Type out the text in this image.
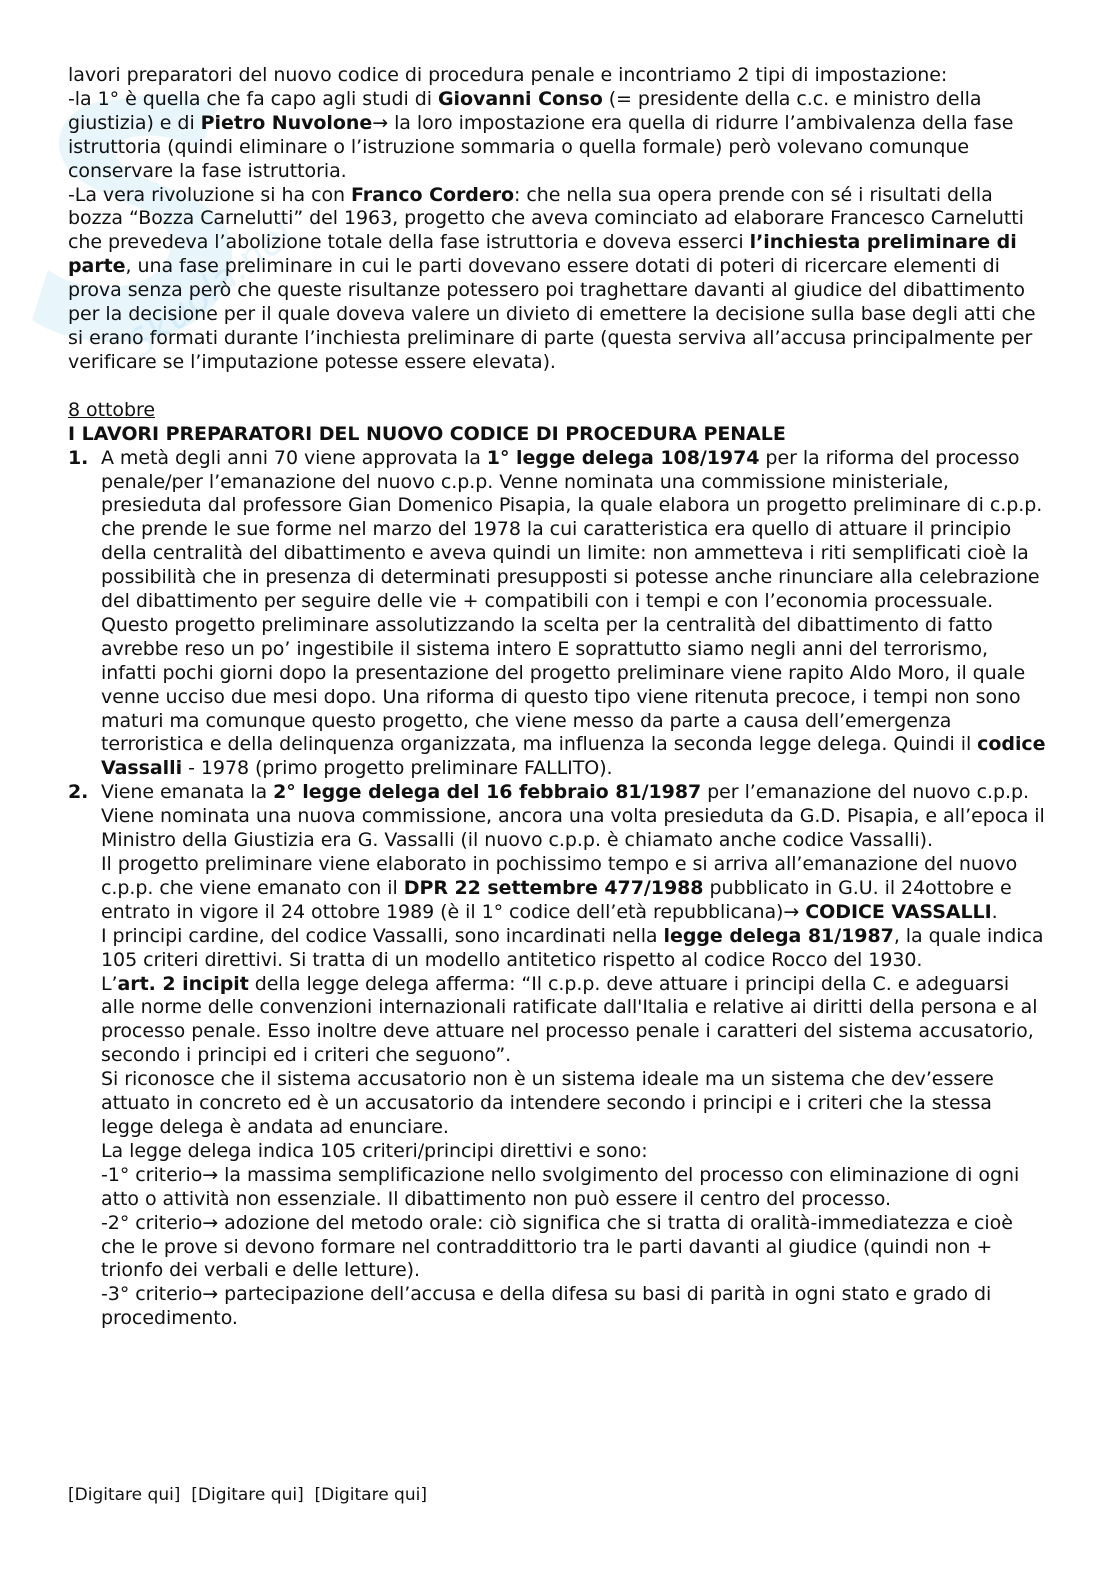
Skuola.net

lavori preparatori del nuovo codice di procedura penale e incontriamo 2 tipi di impostazione:

-la 1° è quella che fa capo agli studi di Giovanni Conso (= presidente della c.c. e ministro della giustizia) e di Pietro Nuvolone→ la loro impostazione era quella di ridurre l’ambivalenza della fase istruttoria (quindi eliminare o l’istruzione sommaria o quella formale) però volevano comunque conservare la fase istruttoria.

-La vera rivoluzione si ha con Franco Cordero: che nella sua opera prende con sé i risultati della bozza “Bozza Carnelutti” del 1963, progetto che aveva cominciato ad elaborare Francesco Carnelutti che prevedeva l’abolizione totale della fase istruttoria e doveva esserci l’inchiesta preliminare di parte, una fase preliminare in cui le parti dovevano essere dotati di poteri di ricercare elementi di prova senza però che queste risultanze potessero poi traghettare davanti al giudice del dibattimento per la decisione per il quale doveva valere un divieto di emettere la decisione sulla base degli atti che si erano formati durante l’inchiesta preliminare di parte (questa serviva all’accusa principalmente per verificare se l’imputazione potesse essere elevata).

8 ottobre

I LAVORI PREPARATORI DEL NUOVO CODICE DI PROCEDURA PENALE

1. A metà degli anni 70 viene approvata la 1° legge delega 108/1974 per la riforma del processo penale/per l’emanazione del nuovo c.p.p. Venne nominata una commissione ministeriale, presieduta dal professore Gian Domenico Pisapia, la quale elabora un progetto preliminare di c.p.p. che prende le sue forme nel marzo del 1978 la cui caratteristica era quello di attuare il principio della centralità del dibattimento e aveva quindi un limite: non ammetteva i riti semplificati cioè la possibilità che in presenza di determinati presupposti si potesse anche rinunciare alla celebrazione del dibattimento per seguire delle vie + compatibili con i tempi e con l’economia processuale. Questo progetto preliminare assolutizzando la scelta per la centralità del dibattimento di fatto avrebbe reso un po’ ingestibile il sistema intero E soprattutto siamo negli anni del terrorismo, infatti pochi giorni dopo la presentazione del progetto preliminare viene rapito Aldo Moro, il quale venne ucciso due mesi dopo. Una riforma di questo tipo viene ritenuta precoce, i tempi non sono maturi ma comunque questo progetto, che viene messo da parte a causa dell’emergenza terroristica e della delinquenza organizzata, ma influenza la seconda legge delega. Quindi il codice Vassalli - 1978 (primo progetto preliminare FALLITO).

2. Viene emanata la 2° legge delega del 16 febbraio 81/1987 per l’emanazione del nuovo c.p.p.

Viene nominata una nuova commissione, ancora una volta presieduta da G.D. Pisapia, e all’epoca il Ministro della Giustizia era G. Vassalli (il nuovo c.p.p. è chiamato anche codice Vassalli).

Il progetto preliminare viene elaborato in pochissimo tempo e si arriva all’emanazione del nuovo c.p.p. che viene emanato con il DPR 22 settembre 477/1988 pubblicato in G.U. il 24ottobre e entrato in vigore il 24 ottobre 1989 (è il 1° codice dell’età repubblicana)→ CODICE VASSALLI.

I principi cardine, del codice Vassalli, sono incardinati nella legge delega 81/1987, la quale indica 105 criteri direttivi. Si tratta di un modello antitetico rispetto al codice Rocco del 1930.

L’art. 2 incipit della legge delega afferma: “Il c.p.p. deve attuare i principi della C. e adeguarsi alle norme delle convenzioni internazionali ratificate dall'Italia e relative ai diritti della persona e al processo penale. Esso inoltre deve attuare nel processo penale i caratteri del sistema accusatorio, secondo i principi ed i criteri che seguono”.

Si riconosce che il sistema accusatorio non è un sistema ideale ma un sistema che dev’essere attuato in concreto ed è un accusatorio da intendere secondo i principi e i criteri che la stessa legge delega è andata ad enunciare.

La legge delega indica 105 criteri/principi direttivi e sono:

-1° criterio→ la massima semplificazione nello svolgimento del processo con eliminazione di ogni atto o attività non essenziale. Il dibattimento non può essere il centro del processo.

-2° criterio→ adozione del metodo orale: ciò significa che si tratta di oralità-immediatezza e cioè che le prove si devono formare nel contraddittorio tra le parti davanti al giudice (quindi non + trionfo dei verbali e delle letture).

-3° criterio→ partecipazione dell’accusa e della difesa su basi di parità in ogni stato e grado di procedimento.

[Digitare qui] [Digitare qui] [Digitare qui]
